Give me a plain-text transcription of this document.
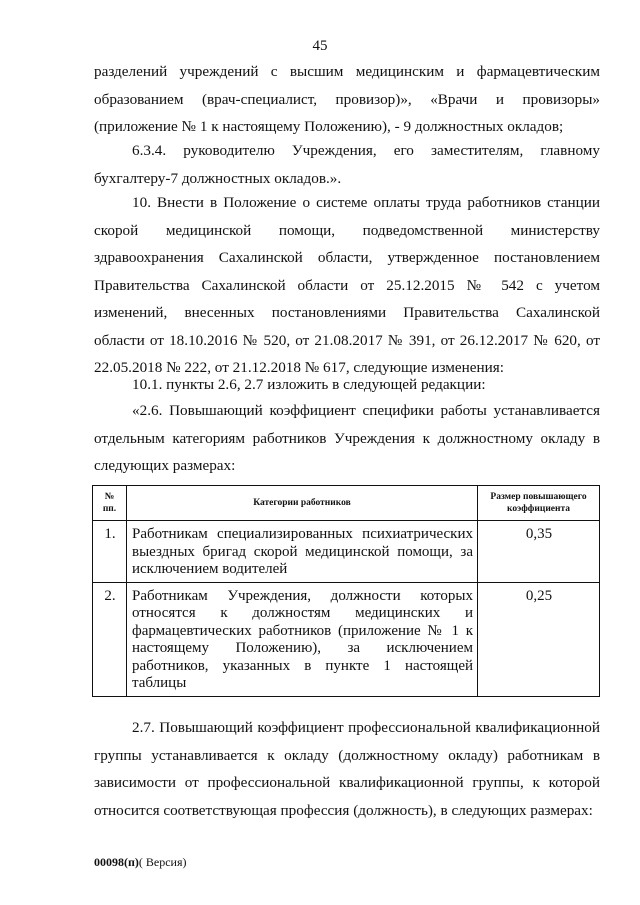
45

разделений учреждений с высшим медицинским и фармацевтическим образованием (врач-специалист, провизор)», «Врачи и провизоры» (приложение № 1 к настоящему Положению), - 9 должностных окладов;

6.3.4. руководителю Учреждения, его заместителям, главному бухгалтеру-7 должностных окладов.».

10. Внести в Положение о системе оплаты труда работников станции скорой медицинской помощи, подведомственной министерству здравоохранения Сахалинской области, утвержденное постановлением Правительства Сахалинской области от 25.12.2015 № 542 с учетом изменений, внесенных постановлениями Правительства Сахалинской области от 18.10.2016 № 520, от 21.08.2017 № 391, от 26.12.2017 № 620, от 22.05.2018 № 222, от 21.12.2018 № 617, следующие изменения:

10.1. пункты 2.6, 2.7 изложить в следующей редакции:

«2.6. Повышающий коэффициент специфики работы устанавливается отдельным категориям работников Учреждения к должностному окладу в следующих размерах:

№ пп.	Категории работников	Размер повышающего коэффициента
1.	Работникам специализированных психиатрических выездных бригад скорой медицинской помощи, за исключением водителей	0,35
2.	Работникам Учреждения, должности которых относятся к должностям медицинских и фармацевтических работников (приложение № 1 к настоящему Положению), за исключением работников, указанных в пункте 1 настоящей таблицы	0,25

2.7. Повышающий коэффициент профессиональной квалификационной группы устанавливается к окладу (должностному окладу) работникам в зависимости от профессиональной квалификационной группы, к которой относится соответствующая профессия (должность), в следующих размерах:

00098(п)( Версия)
